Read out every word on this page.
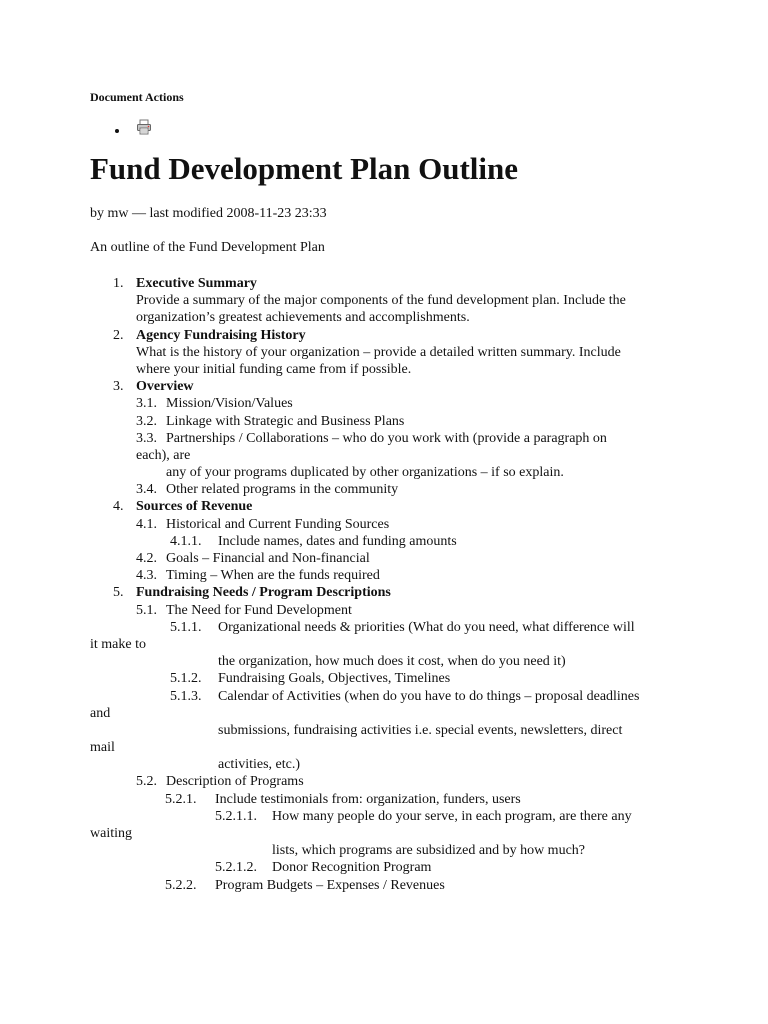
Document Actions
Fund Development Plan Outline

by mw — last modified 2008-11-23 23:33

An outline of the Fund Development Plan

1. Executive Summary
Provide a summary of the major components of the fund development plan. Include the
organization’s greatest achievements and accomplishments.
2. Agency Fundraising History
What is the history of your organization – provide a detailed written summary. Include
where your initial funding came from if possible.
3. Overview
3.1. Mission/Vision/Values
3.2. Linkage with Strategic and Business Plans
3.3. Partnerships / Collaborations – who do you work with (provide a paragraph on
each), are
any of your programs duplicated by other organizations – if so explain.
3.4. Other related programs in the community
4. Sources of Revenue
4.1. Historical and Current Funding Sources
4.1.1. Include names, dates and funding amounts
4.2. Goals – Financial and Non-financial
4.3. Timing – When are the funds required
5. Fundraising Needs / Program Descriptions
5.1. The Need for Fund Development
5.1.1. Organizational needs & priorities (What do you need, what difference will
it make to
the organization, how much does it cost, when do you need it)
5.1.2. Fundraising Goals, Objectives, Timelines
5.1.3. Calendar of Activities (when do you have to do things – proposal deadlines
and
submissions, fundraising activities i.e. special events, newsletters, direct
mail
activities, etc.)
5.2. Description of Programs
5.2.1. Include testimonials from: organization, funders, users
5.2.1.1. How many people do your serve, in each program, are there any
waiting
lists, which programs are subsidized and by how much?
5.2.1.2. Donor Recognition Program
5.2.2. Program Budgets – Expenses / Revenues
